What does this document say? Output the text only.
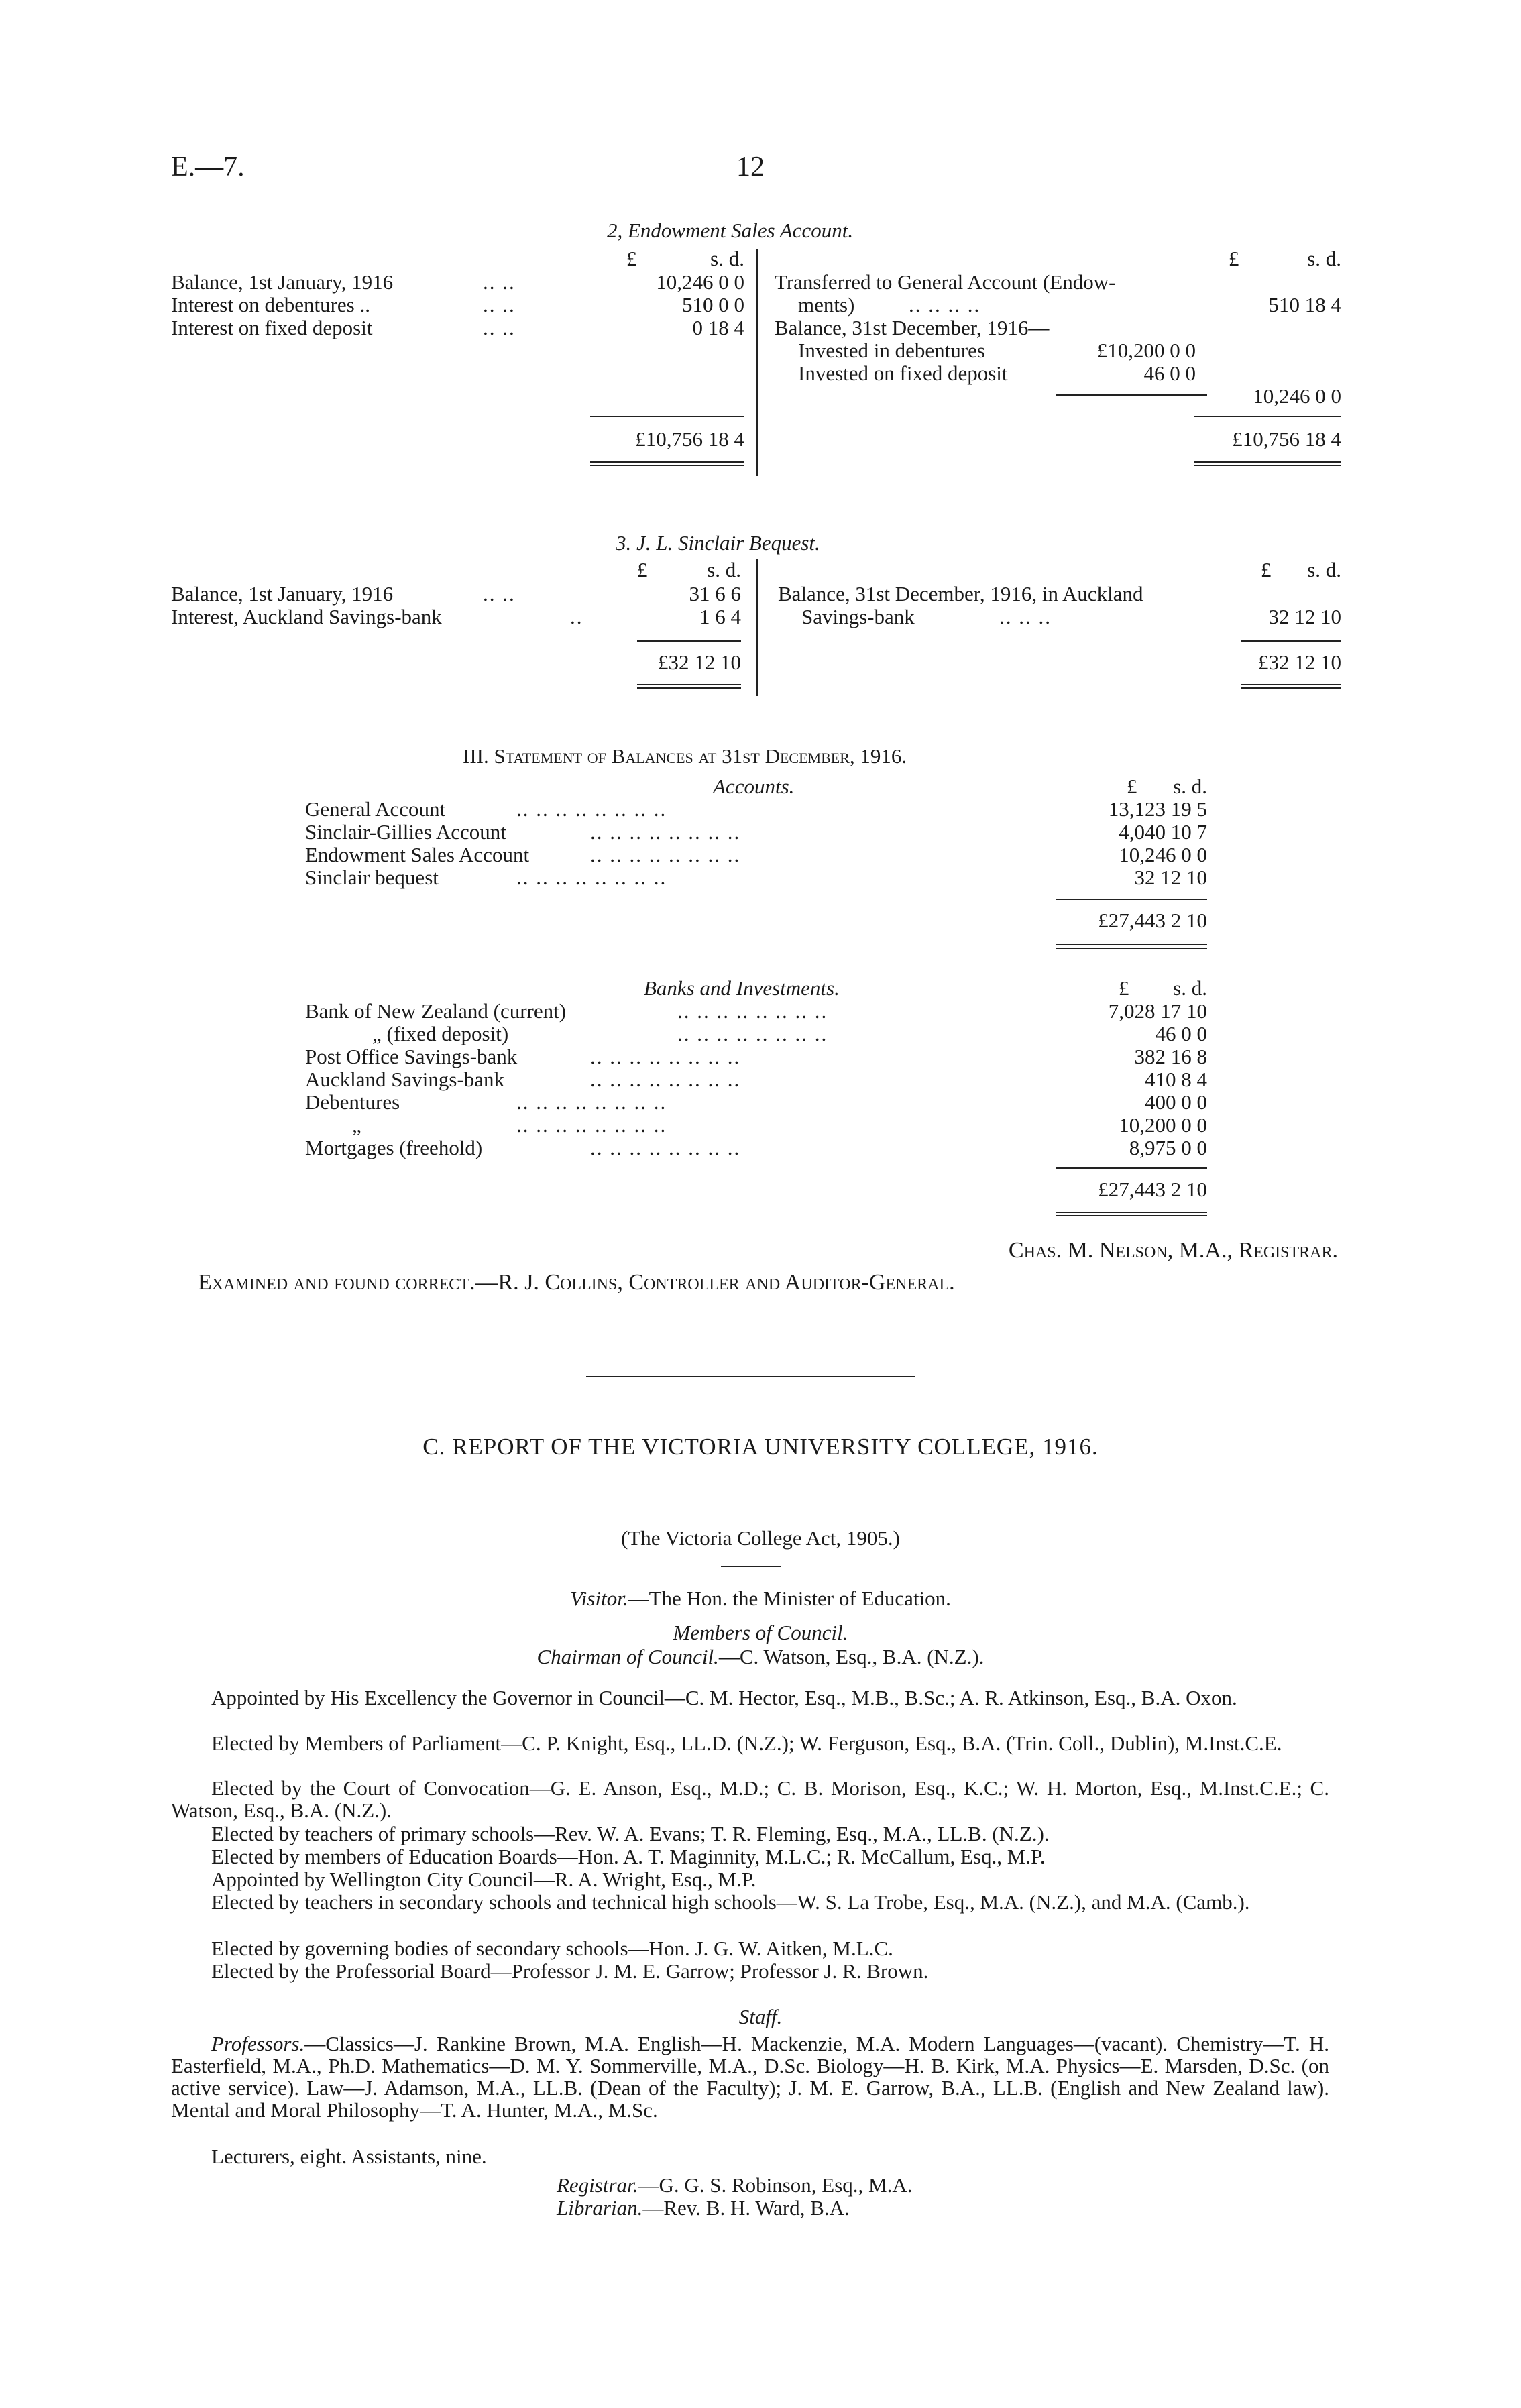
E.—7.	12
2, Endowment Sales Account.
£	s. d.	£	s. d.
Balance, 1st January, 1916	.. ..	10,246 0 0
Interest on debentures ..	.. ..	510 0 0
Interest on fixed deposit	.. ..	0 18 4
£10,756 18 4
Transferred to General Account (Endow-
ments)	.. .. .. ..	510 18 4
Balance, 31st December, 1916—
Invested in debentures	£10,200 0 0
Invested on fixed deposit	46 0 0
10,246 0 0
£10,756 18 4
3. J. L. Sinclair Bequest.
£	s. d.	£	s. d.
Balance, 1st January, 1916	.. ..	31 6 6
Interest, Auckland Savings-bank	..	1 6 4
£32 12 10
Balance, 31st December, 1916, in Auckland
Savings-bank	.. .. ..	32 12 10
£32 12 10
III. Statement of Balances at 31st December, 1916.
Accounts.	£	s. d.
General Account	.. .. .. .. .. .. .. ..	13,123 19 5
Sinclair-Gillies Account	.. .. .. .. .. .. .. ..	4,040 10 7
Endowment Sales Account	.. .. .. .. .. .. .. ..	10,246 0 0
Sinclair bequest	.. .. .. .. .. .. .. ..	32 12 10
£27,443 2 10
Banks and Investments.	£	s. d.
Bank of New Zealand (current)	.. .. .. .. .. .. .. ..	7,028 17 10
„ (fixed deposit)	.. .. .. .. .. .. .. ..	46 0 0
Post Office Savings-bank	.. .. .. .. .. .. .. ..	382 16 8
Auckland Savings-bank	.. .. .. .. .. .. .. ..	410 8 4
Debentures	.. .. .. .. .. .. .. ..	400 0 0
„	.. .. .. .. .. .. .. ..	10,200 0 0
Mortgages (freehold)	.. .. .. .. .. .. .. ..	8,975 0 0
£27,443 2 10
Chas. M. Nelson, M.A., Registrar.
Examined and found correct.—R. J. Collins, Controller and Auditor-General.
C. REPORT OF THE VICTORIA UNIVERSITY COLLEGE, 1916.
(The Victoria College Act, 1905.)
Visitor.—The Hon. the Minister of Education.
Members of Council.
Chairman of Council.—C. Watson, Esq., B.A. (N.Z.).
Appointed by His Excellency the Governor in Council—C. M. Hector, Esq., M.B., B.Sc.; A. R. Atkinson, Esq., B.A. Oxon.
Elected by Members of Parliament—C. P. Knight, Esq., LL.D. (N.Z.); W. Ferguson, Esq., B.A. (Trin. Coll., Dublin), M.Inst.C.E.
Elected by the Court of Convocation—G. E. Anson, Esq., M.D.; C. B. Morison, Esq., K.C.; W. H. Morton, Esq., M.Inst.C.E.; C. Watson, Esq., B.A. (N.Z.).
Elected by teachers of primary schools—Rev. W. A. Evans; T. R. Fleming, Esq., M.A., LL.B. (N.Z.).
Elected by members of Education Boards—Hon. A. T. Maginnity, M.L.C.; R. McCallum, Esq., M.P.
Appointed by Wellington City Council—R. A. Wright, Esq., M.P.
Elected by teachers in secondary schools and technical high schools—W. S. La Trobe, Esq., M.A. (N.Z.), and M.A. (Camb.).
Elected by governing bodies of secondary schools—Hon. J. G. W. Aitken, M.L.C.
Elected by the Professorial Board—Professor J. M. E. Garrow; Professor J. R. Brown.
Staff.
Professors.—Classics—J. Rankine Brown, M.A. English—H. Mackenzie, M.A. Modern Languages—(vacant). Chemistry—T. H. Easterfield, M.A., Ph.D. Mathematics—D. M. Y. Sommerville, M.A., D.Sc. Biology—H. B. Kirk, M.A. Physics—E. Marsden, D.Sc. (on active service). Law—J. Adamson, M.A., LL.B. (Dean of the Faculty); J. M. E. Garrow, B.A., LL.B. (English and New Zealand law). Mental and Moral Philosophy—T. A. Hunter, M.A., M.Sc.
Lecturers, eight. Assistants, nine.
Registrar.—G. G. S. Robinson, Esq., M.A.
Librarian.—Rev. B. H. Ward, B.A.
